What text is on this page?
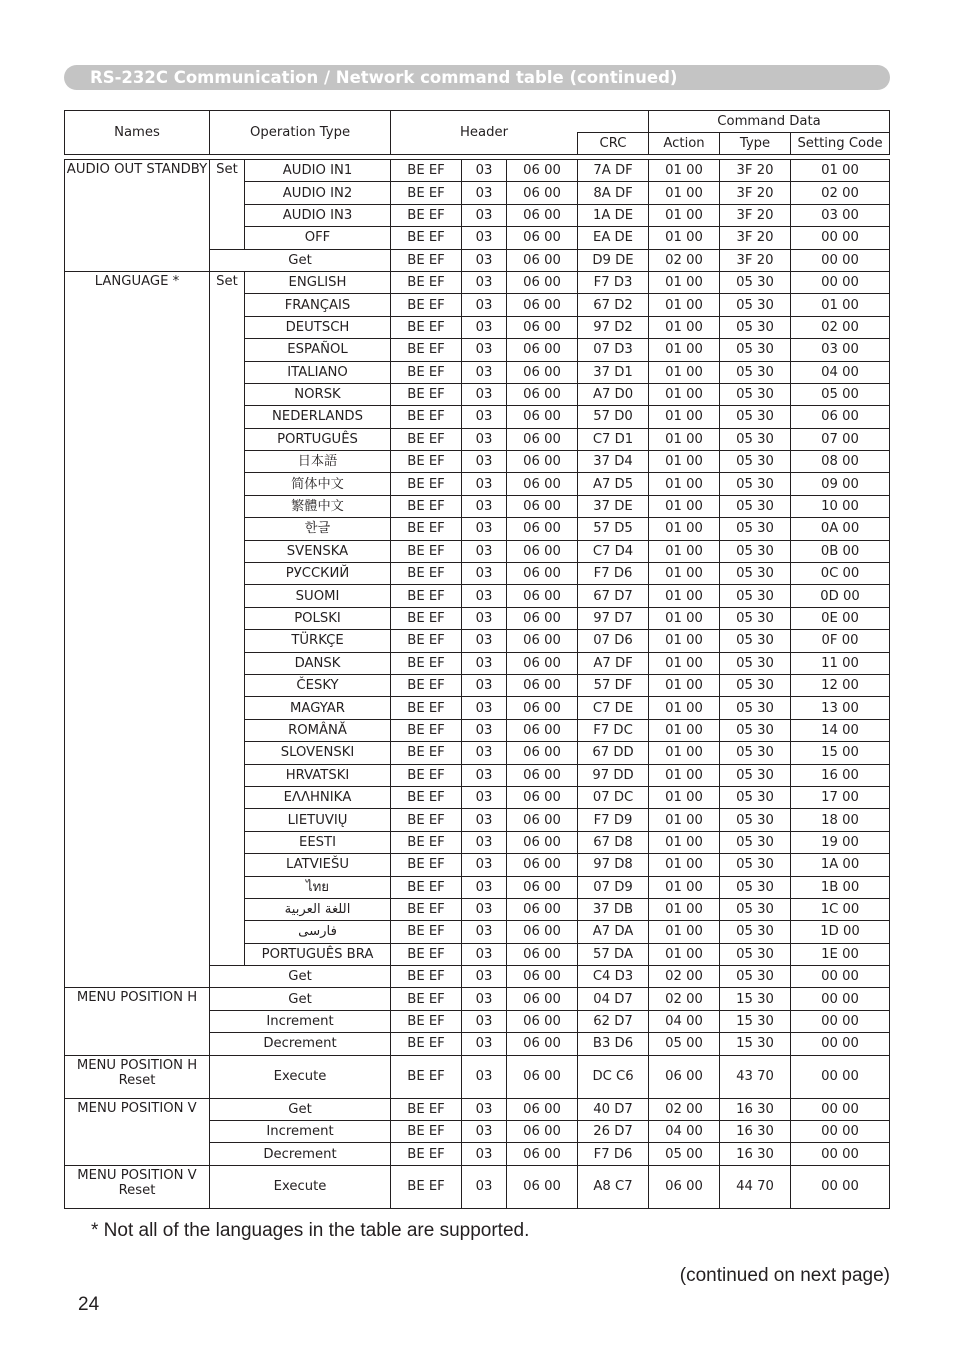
RS-232C Communication / Network command table (continued)
Names	Operation Type		Header				Command Data		
						CRC	Action	Type	Setting Code

AUDIO OUT STANDBY	Set	AUDIO IN1	BE EF	03	06 00	7A DF	01 00	3F 20	01 00
		AUDIO IN2	BE EF	03	06 00	8A DF	01 00	3F 20	02 00
		AUDIO IN3	BE EF	03	06 00	1A DE	01 00	3F 20	03 00
		OFF	BE EF	03	06 00	EA DE	01 00	3F 20	00 00
	Get		BE EF	03	06 00	D9 DE	02 00	3F 20	00 00
LANGUAGE *	Set	ENGLISH	BE EF	03	06 00	F7 D3	01 00	05 30	00 00
		FRANÇAIS	BE EF	03	06 00	67 D2	01 00	05 30	01 00
		DEUTSCH	BE EF	03	06 00	97 D2	01 00	05 30	02 00
		ESPAÑOL	BE EF	03	06 00	07 D3	01 00	05 30	03 00
		ITALIANO	BE EF	03	06 00	37 D1	01 00	05 30	04 00
		NORSK	BE EF	03	06 00	A7 D0	01 00	05 30	05 00
		NEDERLANDS	BE EF	03	06 00	57 D0	01 00	05 30	06 00
		PORTUGUÊS	BE EF	03	06 00	C7 D1	01 00	05 30	07 00
		日本語	BE EF	03	06 00	37 D4	01 00	05 30	08 00
		简体中文	BE EF	03	06 00	A7 D5	01 00	05 30	09 00
		繁體中文	BE EF	03	06 00	37 DE	01 00	05 30	10 00
		한글	BE EF	03	06 00	57 D5	01 00	05 30	0A 00
		SVENSKA	BE EF	03	06 00	C7 D4	01 00	05 30	0B 00
		РУССКИЙ	BE EF	03	06 00	F7 D6	01 00	05 30	0C 00
		SUOMI	BE EF	03	06 00	67 D7	01 00	05 30	0D 00
		POLSKI	BE EF	03	06 00	97 D7	01 00	05 30	0E 00
		TÜRKÇE	BE EF	03	06 00	07 D6	01 00	05 30	0F 00
		DANSK	BE EF	03	06 00	A7 DF	01 00	05 30	11 00
		ČESKY	BE EF	03	06 00	57 DF	01 00	05 30	12 00
		MAGYAR	BE EF	03	06 00	C7 DE	01 00	05 30	13 00
		ROMÂNĂ	BE EF	03	06 00	F7 DC	01 00	05 30	14 00
		SLOVENSKI	BE EF	03	06 00	67 DD	01 00	05 30	15 00
		HRVATSKI	BE EF	03	06 00	97 DD	01 00	05 30	16 00
		ΕΛΛΗΝΙΚΑ	BE EF	03	06 00	07 DC	01 00	05 30	17 00
		LIETUVIŲ	BE EF	03	06 00	F7 D9	01 00	05 30	18 00
		EESTI	BE EF	03	06 00	67 D8	01 00	05 30	19 00
		LATVIEŠU	BE EF	03	06 00	97 D8	01 00	05 30	1A 00
		ไทย	BE EF	03	06 00	07 D9	01 00	05 30	1B 00
		اللغة العربية	BE EF	03	06 00	37 DB	01 00	05 30	1C 00
		فارسی	BE EF	03	06 00	A7 DA	01 00	05 30	1D 00
		PORTUGUÊS BRA	BE EF	03	06 00	57 DA	01 00	05 30	1E 00
	Get		BE EF	03	06 00	C4 D3	02 00	05 30	00 00
MENU POSITION H	Get		BE EF	03	06 00	04 D7	02 00	15 30	00 00
	Increment		BE EF	03	06 00	62 D7	04 00	15 30	00 00
	Decrement		BE EF	03	06 00	B3 D6	05 00	15 30	00 00
MENU POSITION H Reset	Execute		BE EF	03	06 00	DC C6	06 00	43 70	00 00
MENU POSITION V	Get		BE EF	03	06 00	40 D7	02 00	16 30	00 00
	Increment		BE EF	03	06 00	26 D7	04 00	16 30	00 00
	Decrement		BE EF	03	06 00	F7 D6	05 00	16 30	00 00
MENU POSITION V Reset	Execute		BE EF	03	06 00	A8 C7	06 00	44 70	00 00
* Not all of the languages in the table are supported.
(continued on next page)
24
